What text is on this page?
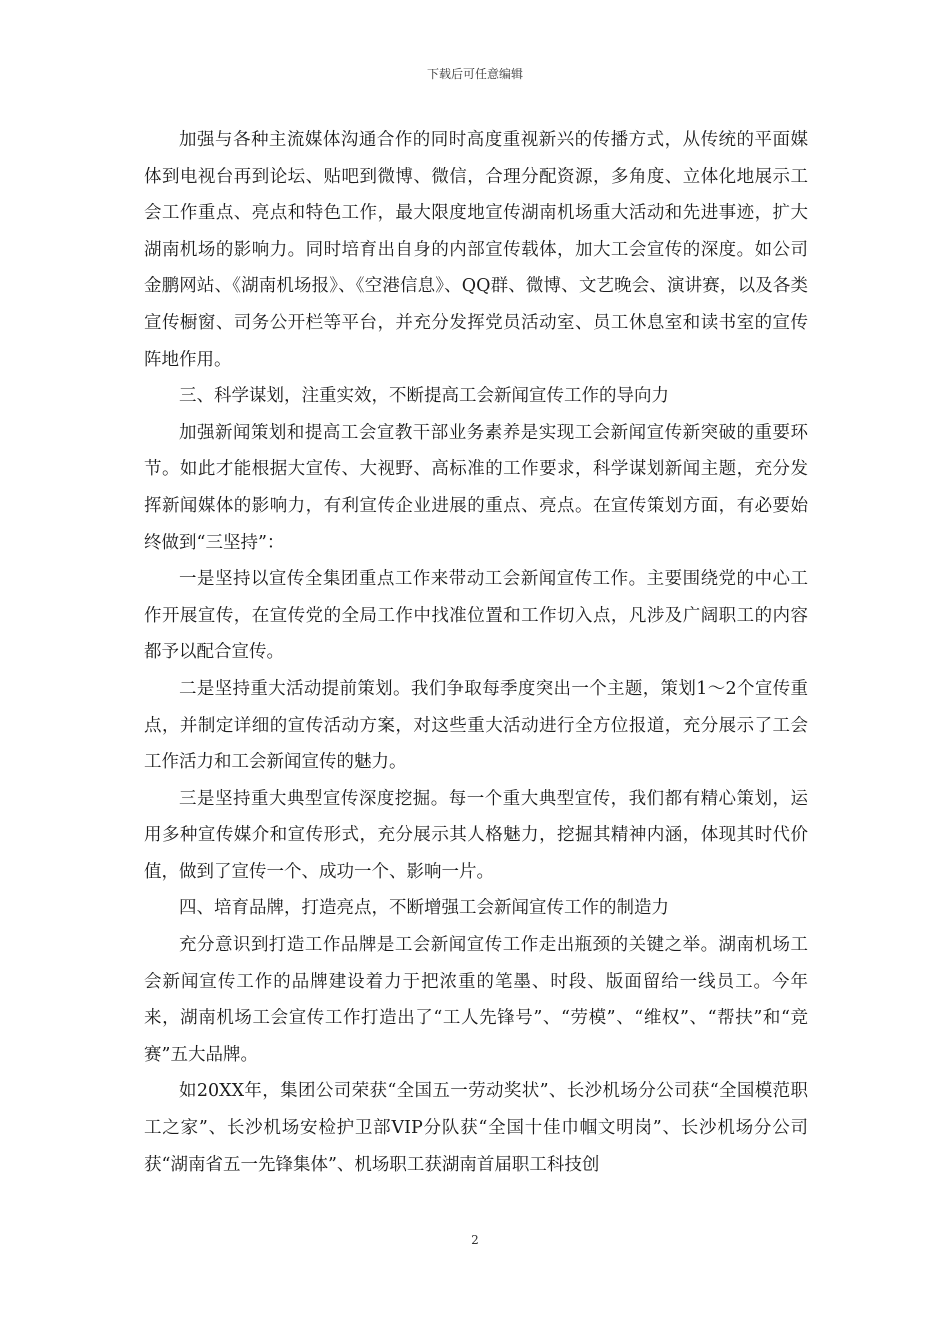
下载后可任意编辑

加强与各种主流媒体沟通合作的同时高度重视新兴的传播方式，从传统的平面媒体到电视台再到论坛、贴吧到微博、微信，合理分配资源，多角度、立体化地展示工会工作重点、亮点和特色工作，最大限度地宣传湖南机场重大活动和先进事迹，扩大湖南机场的影响力。同时培育出自身的内部宣传载体，加大工会宣传的深度。如公司金鹏网站、《湖南机场报》、《空港信息》、QQ群、微博、文艺晚会、演讲赛，以及各类宣传橱窗、司务公开栏等平台，并充分发挥党员活动室、员工休息室和读书室的宣传阵地作用。

三、科学谋划，注重实效，不断提高工会新闻宣传工作的导向力

加强新闻策划和提高工会宣教干部业务素养是实现工会新闻宣传新突破的重要环节。如此才能根据大宣传、大视野、高标准的工作要求，科学谋划新闻主题，充分发挥新闻媒体的影响力，有利宣传企业进展的重点、亮点。在宣传策划方面，有必要始终做到“三坚持”：

一是坚持以宣传全集团重点工作来带动工会新闻宣传工作。主要围绕党的中心工作开展宣传，在宣传党的全局工作中找准位置和工作切入点，凡涉及广阔职工的内容都予以配合宣传。

二是坚持重大活动提前策划。我们争取每季度突出一个主题，策划1～2个宣传重点，并制定详细的宣传活动方案，对这些重大活动进行全方位报道，充分展示了工会工作活力和工会新闻宣传的魅力。

三是坚持重大典型宣传深度挖掘。每一个重大典型宣传，我们都有精心策划，运用多种宣传媒介和宣传形式，充分展示其人格魅力，挖掘其精神内涵，体现其时代价值，做到了宣传一个、成功一个、影响一片。

四、培育品牌，打造亮点，不断增强工会新闻宣传工作的制造力

充分意识到打造工作品牌是工会新闻宣传工作走出瓶颈的关键之举。湖南机场工会新闻宣传工作的品牌建设着力于把浓重的笔墨、时段、版面留给一线员工。今年来，湖南机场工会宣传工作打造出了“工人先锋号”、“劳模”、“维权”、“帮扶”和“竞赛”五大品牌。

如20XX年，集团公司荣获“全国五一劳动奖状”、长沙机场分公司获“全国模范职工之家”、长沙机场安检护卫部VIP分队获“全国十佳巾帼文明岗”、长沙机场分公司获“湖南省五一先锋集体”、机场职工获湖南首届职工科技创

2
